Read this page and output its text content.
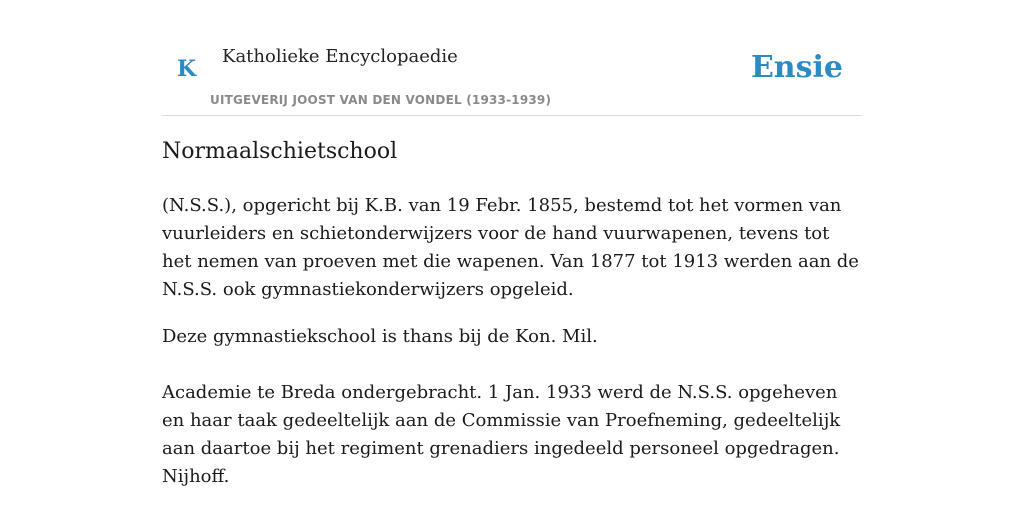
K Katholieke Encyclopaedie
UITGEVERIJ JOOST VAN DEN VONDEL (1933-1939)
Ensie
Normaalschietschool

(N.S.S.), opgericht bij K.B. van 19 Febr. 1855, bestemd tot het vormen van vuurleiders en schietonderwijzers voor de hand vuurwapenen, tevens tot het nemen van proeven met die wapenen. Van 1877 tot 1913 werden aan de N.S.S. ook gymnastiekonderwijzers opgeleid.

Deze gymnastiekschool is thans bij de Kon. Mil.

Academie te Breda ondergebracht. 1 Jan. 1933 werd de N.S.S. opgeheven en haar taak gedeeltelijk aan de Commissie van Proefneming, gedeeltelijk aan daartoe bij het regiment grenadiers ingedeeld personeel opgedragen. Nijhoff.
